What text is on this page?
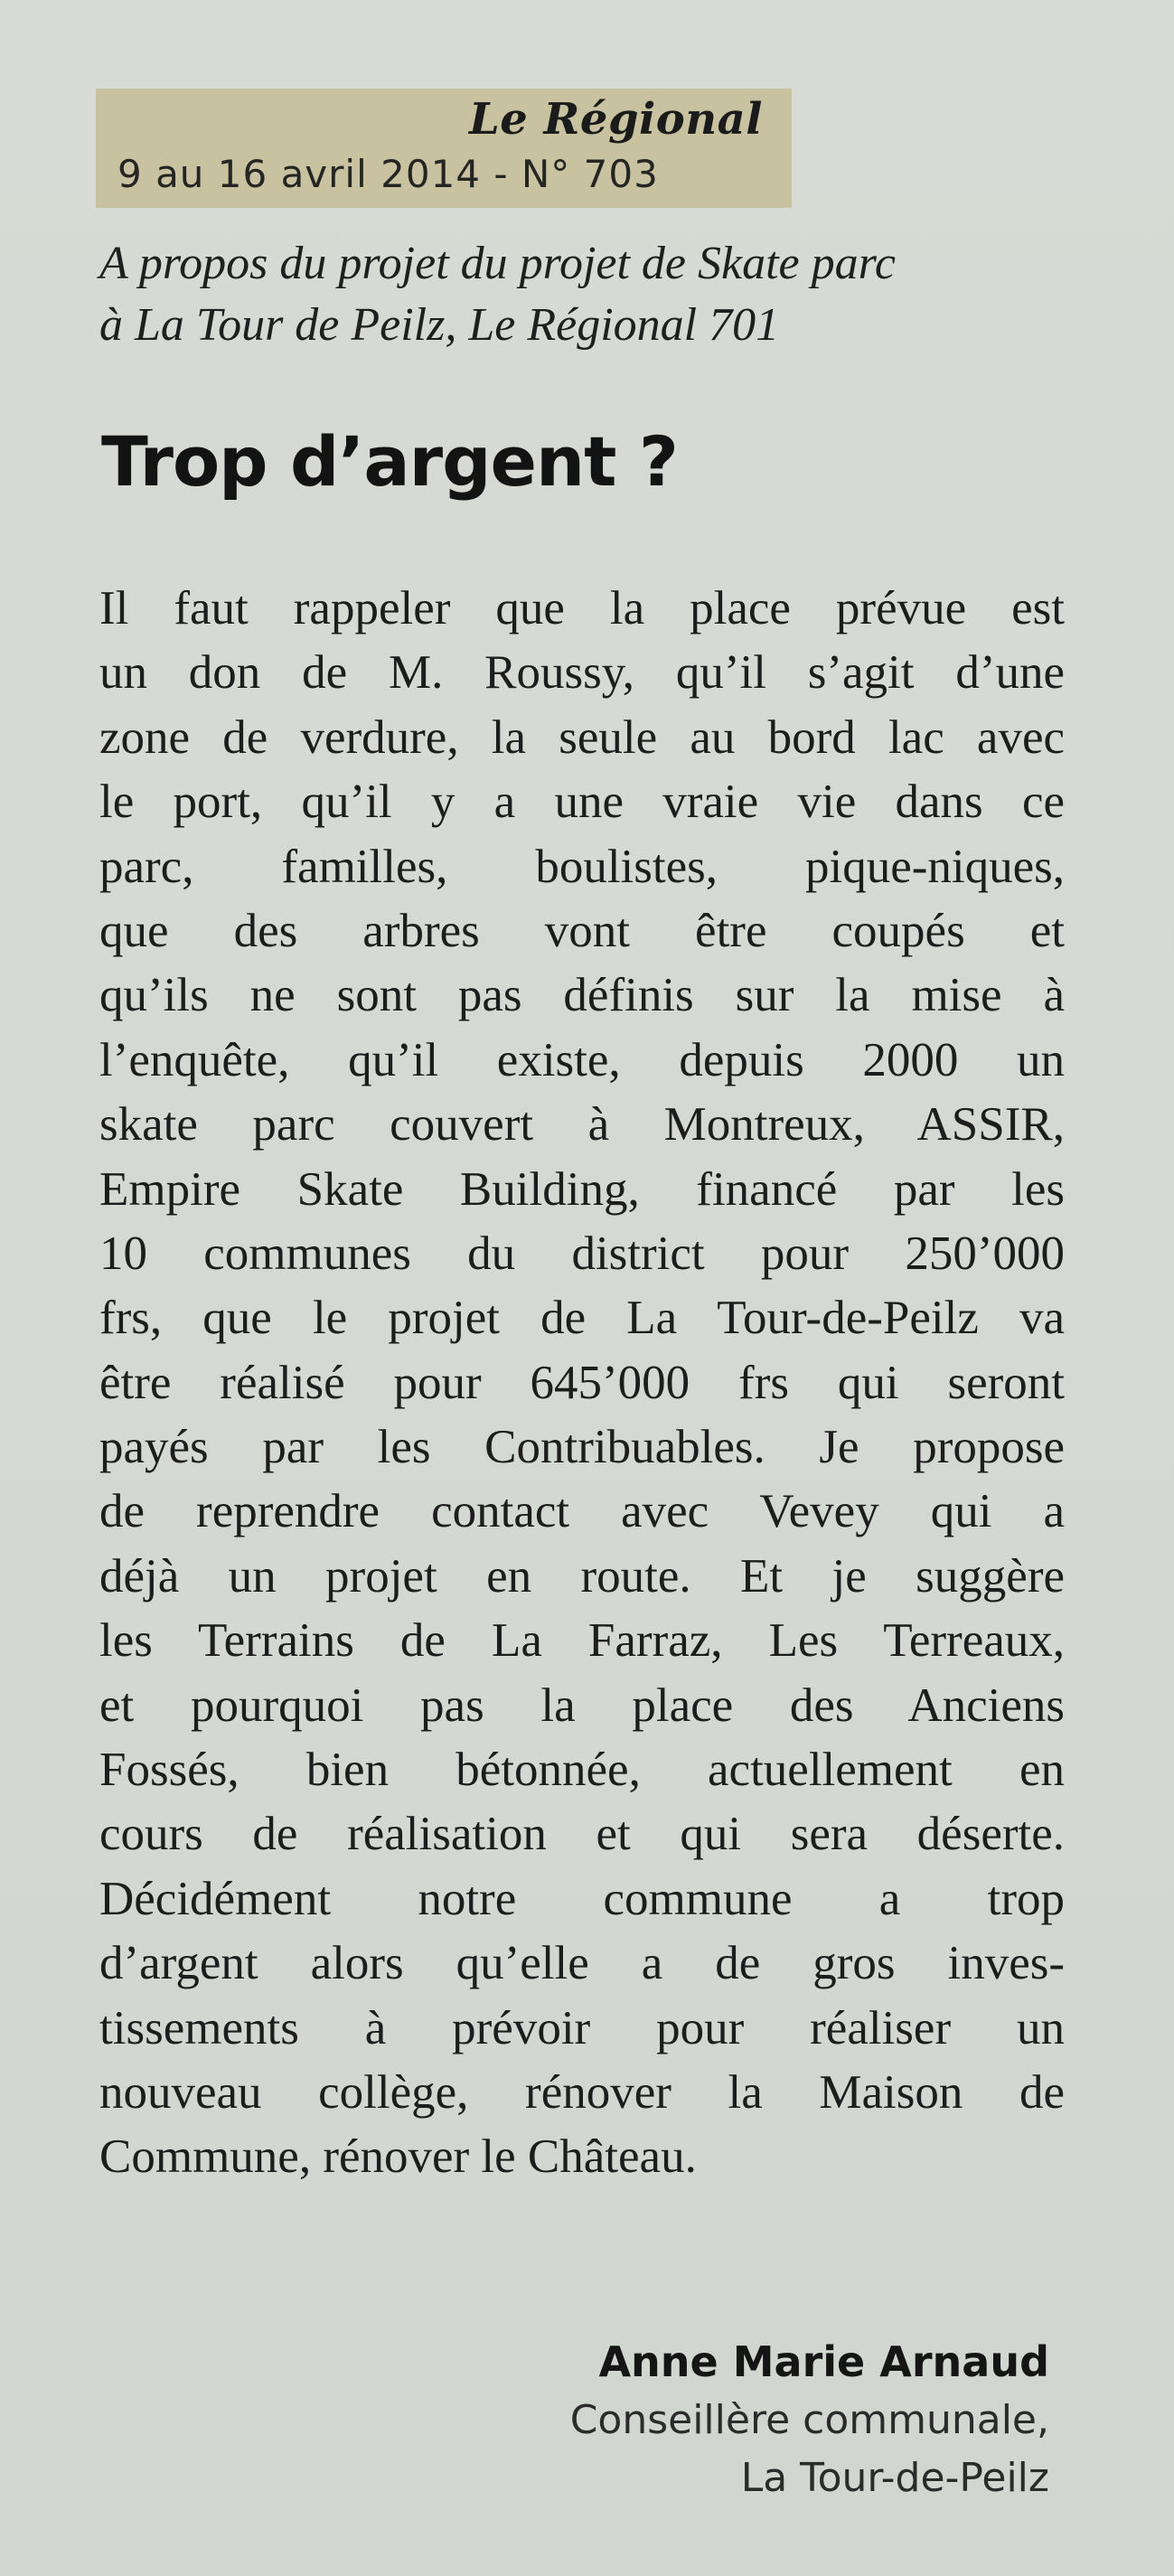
Le Régional
9 au 16 avril 2014 - N° 703
A propos du projet du projet de Skate parc
à La Tour de Peilz, Le Régional 701
Trop d’argent ?
Il faut rappeler que la place prévue est
un don de M. Roussy, qu’il s’agit d’une
zone de verdure, la seule au bord lac avec
le port, qu’il y a une vraie vie dans ce
parc, familles, boulistes, pique-niques,
que des arbres vont être coupés et
qu’ils ne sont pas définis sur la mise à
l’enquête, qu’il existe, depuis 2000 un
skate parc couvert à Montreux, ASSIR,
Empire Skate Building, financé par les
10 communes du district pour 250’000
frs, que le projet de La Tour-de-Peilz va
être réalisé pour 645’000 frs qui seront
payés par les Contribuables. Je propose
de reprendre contact avec Vevey qui a
déjà un projet en route. Et je suggère
les Terrains de La Farraz, Les Terreaux,
et pourquoi pas la place des Anciens
Fossés, bien bétonnée, actuellement en
cours de réalisation et qui sera déserte.
Décidément notre commune a trop
d’argent alors qu’elle a de gros inves-
tissements à prévoir pour réaliser un
nouveau collège, rénover la Maison de
Commune, rénover le Château.
Anne Marie Arnaud
Conseillère communale,
La Tour-de-Peilz
